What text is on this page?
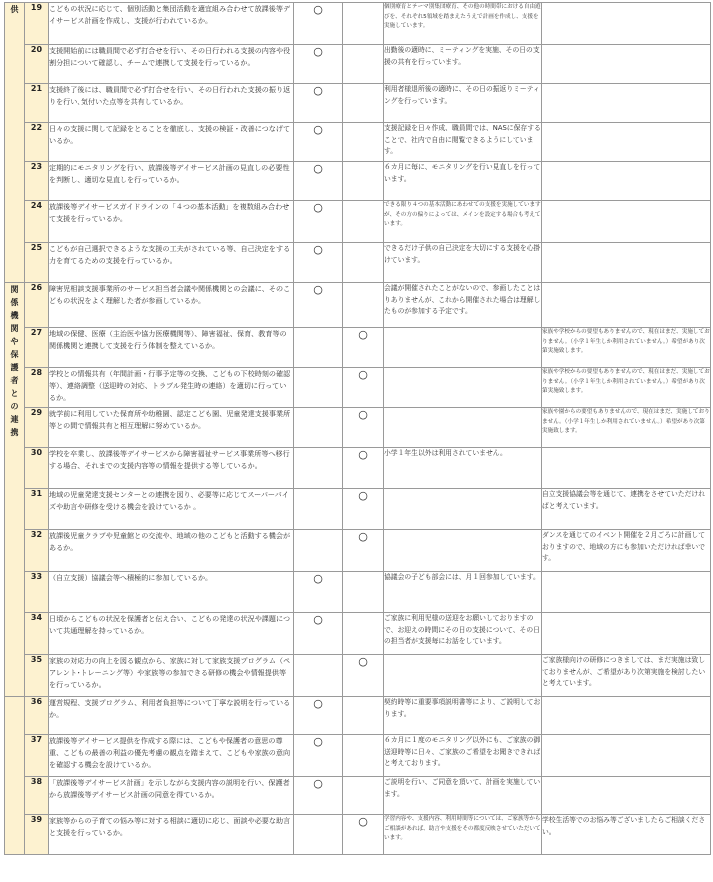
供	19	こどもの状況に応じて、個別活動と集団活動を適宜組み合わせて放課後等デイサービス計画を作成し、支援が行われているか。	○		個別療育とテーマ別集団療育、その他の時間帯における自由遊びを、それぞれ5領域を踏まえたうえで計画を作成し、支援を実施しています。	
	20	支援開始前には職員間で必ず打合せを行い、その日行われる支援の内容や役割分担について確認し、チームで連携して支援を行っているか。	○		出勤後の適時に、ミーティングを実施、その日の支援の共有を行っています。	
	21	支援終了後には、職員間で必ず打合せを行い、その日行われた支援の振り返りを行い､気付いた点等を共有しているか。	○		利用者様退所後の適時に、その日の振返りミーティングを行っています。	
	22	日々の支援に関して記録をとることを徹底し、支援の検証・改善につなげているか。	○		支援記録を日々作成、職員間では、NASに保存することで、社内で自由に閲覧できるようにしています。	
	23	定期的にモニタリングを行い、放課後等デイサービス計画の見直しの必要性を判断し、適切な見直しを行っているか。	○		６カ月に毎に、モニタリングを行い見直しを行っています。	
	24	放課後等デイサービスガイドラインの「４つの基本活動」を複数組み合わせて支援を行っているか。	○		できる限り４つの基本活動にあわせての支援を実施していますが、その方の偏りによっては、メインを設定する場合も考えています。	
	25	こどもが自己選択できるような支援の工夫がされている等、自己決定をする力を育てるための支援を行っているか。	○		できるだけ子供の自己決定を大切にする支援を心掛けています。	

関係機関や保護者との連携	26	障害児相談支援事業所のサービス担当者会議や関係機関との会議に、そのこどもの状況をよく理解した者が参画しているか。	○		会議が開催されたことがないので、参画したことはりありませんが、これから開催された場合は理解したものが参加する予定です。	
	27	地域の保健、医療（主治医や協力医療機関等）、障害福祉、保育、教育等の関係機関と連携して支援を行う体制を整えているか。		○		家族や学校からの要望もありませんので、現在はまだ、実施しておりません。（小学１年生しか利用されていません。）希望があり次第実施致します。
	28	学校との情報共有（年間計画・行事予定等の交換、こどもの下校時刻の確認等）、連絡調整（送迎時の対応、トラブル発生時の連絡）を適切に行っているか。		○		家族や学校からの要望もありませんので、現在はまだ、実施しておりません。（小学１年生しか利用されていません。）希望があり次第実施致します。
	29	就学前に利用していた保育所や幼稚園、認定こども園、児童発達支援事業所等との間で情報共有と相互理解に努めているか。		○		家族や園からの要望もありませんので、現在はまだ、実施しておりません。（小学１年生しか利用されていません。）希望があり次第実施致します。
	30	学校を卒業し、放課後等デイサービスから障害福祉サービス事業所等へ移行する場合、それまでの支援内容等の情報を提供する等しているか。		○	小学１年生以外は利用されていません。	
	31	地域の児童発達支援センターとの連携を図り、必要等に応じてスーパーバイズや助言や研修を受ける機会を設けているか 。		○		自立支援協議会等を通じて、連携をさせていただければと考えています。
	32	放課後児童クラブや児童館との交流や、地域の他のこどもと活動する機会があるか。		○		ダンスを通じてのイベント開催を２月ごろに計画しておりますので、地域の方にも参加いただければ幸いです。
	33	（自立支援）協議会等へ積極的に参加しているか。	○		協議会の子ども部会には、月１回参加しています。	
	34	日頃からこどもの状況を保護者と伝え合い、こどもの発達の状況や課題について共通理解を持っているか。	○		ご家族に利用児様の送迎をお願いしておりますので、お迎えの時間にその日の支援について、その日の担当者が支援毎にお話をしています。	
	35	家族の対応力の向上を図る観点から、家族に対して家族支援プログラム（ペアレント･トレーニング等）や家族等の参加できる研修の機会や情報提供等を行っているか。		○		ご家族様向けの研修につきましては、まだ実施は致しておりませんが、ご希望があり次第実施を検討したいと考えています。
	36	運営規程、支援プログラム、利用者負担等について丁寧な説明を行っているか。	○		契約時等に重要事項説明書等により、ご説明しております。	
	37	放課後等デイサービス提供を作成する際には、こどもや保護者の意思の尊重、こどもの最善の利益の優先考慮の観点を踏まえて、こどもや家族の意向を確認する機会を設けているか。	○		６カ月に１度のモニタリング以外にも、ご家族の御送迎時等に日々、ご家族のご希望をお聞きできればと考えております。	
	38	「放課後等デイサービス計画」を示しながら支援内容の説明を行い、保護者から放課後等デイサービス計画の同意を得ているか。	○		ご説明を行い、ご同意を頂いて、計画を実施しています。	
	39	家族等からの子育ての悩み等に対する相談に適切に応じ、面談や必要な助言と支援を行っているか。		○	学習内容や、支援内容、利用時間等については、ご家族等からご相談があれば、助言や支援をその都度反映させていただいています。	学校生活等でのお悩み等ございましたらご相談ください。
